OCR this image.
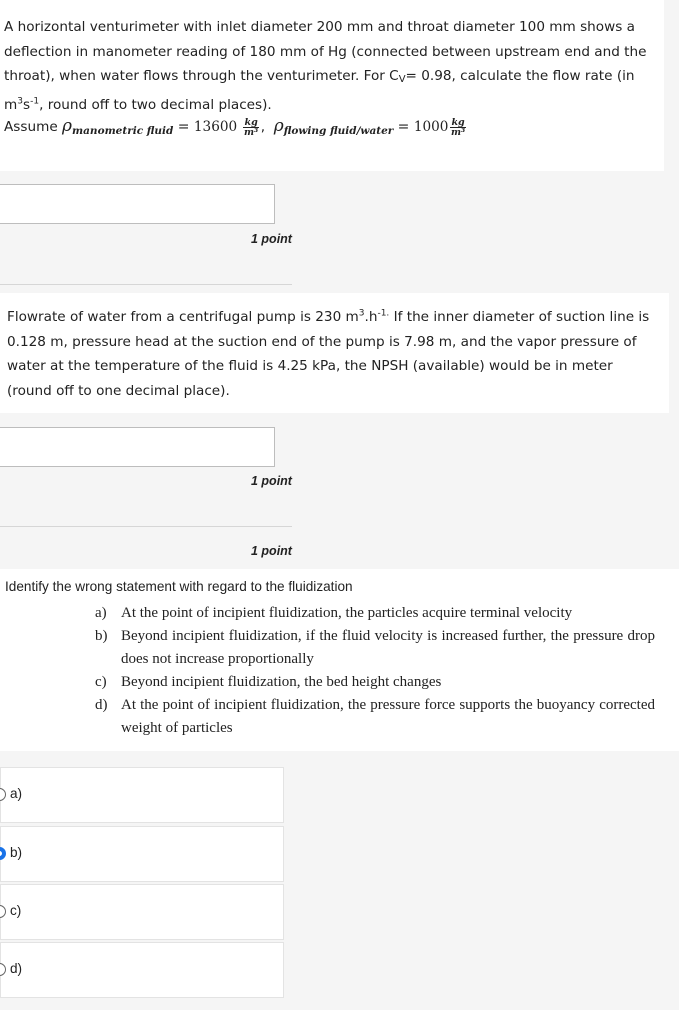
A horizontal venturimeter with inlet diameter 200 mm and throat diameter 100 mm shows a deflection in manometer reading of 180 mm of Hg (connected between upstream end and the throat), when water flows through the venturimeter. For CV= 0.98, calculate the flow rate (in $m^3s^{-1}$, round off to two decimal places).

Assume $\rho_{manometric fluid} = 13600 \frac{kg}{\text{m³}}$ , $\rho_{flowing fluid/water} = 1000 \frac{kg}{\text{m³}}$
1 point

Flowrate of water from a centrifugal pump is 230 $m^3.h^{-1.}$ If the inner diameter of suction line is 0.128 m, pressure head at the suction end of the pump is 7.98 m, and the vapor pressure of water at the temperature of the fluid is 4.25 kPa, the NPSH (available) would be in meter (round off to one decimal place).

1 point
1 point
Identify the wrong statement with regard to the fluidization
a) At the point of incipient fluidization, the particles acquire terminal velocity
b) Beyond incipient fluidization, if the fluid velocity is increased further, the pressure drop does not increase proportionally
c) Beyond incipient fluidization, the bed height changes
d) At the point of incipient fluidization, the pressure force supports the buoyancy corrected weight of particles
a)
b)
c)
d)
